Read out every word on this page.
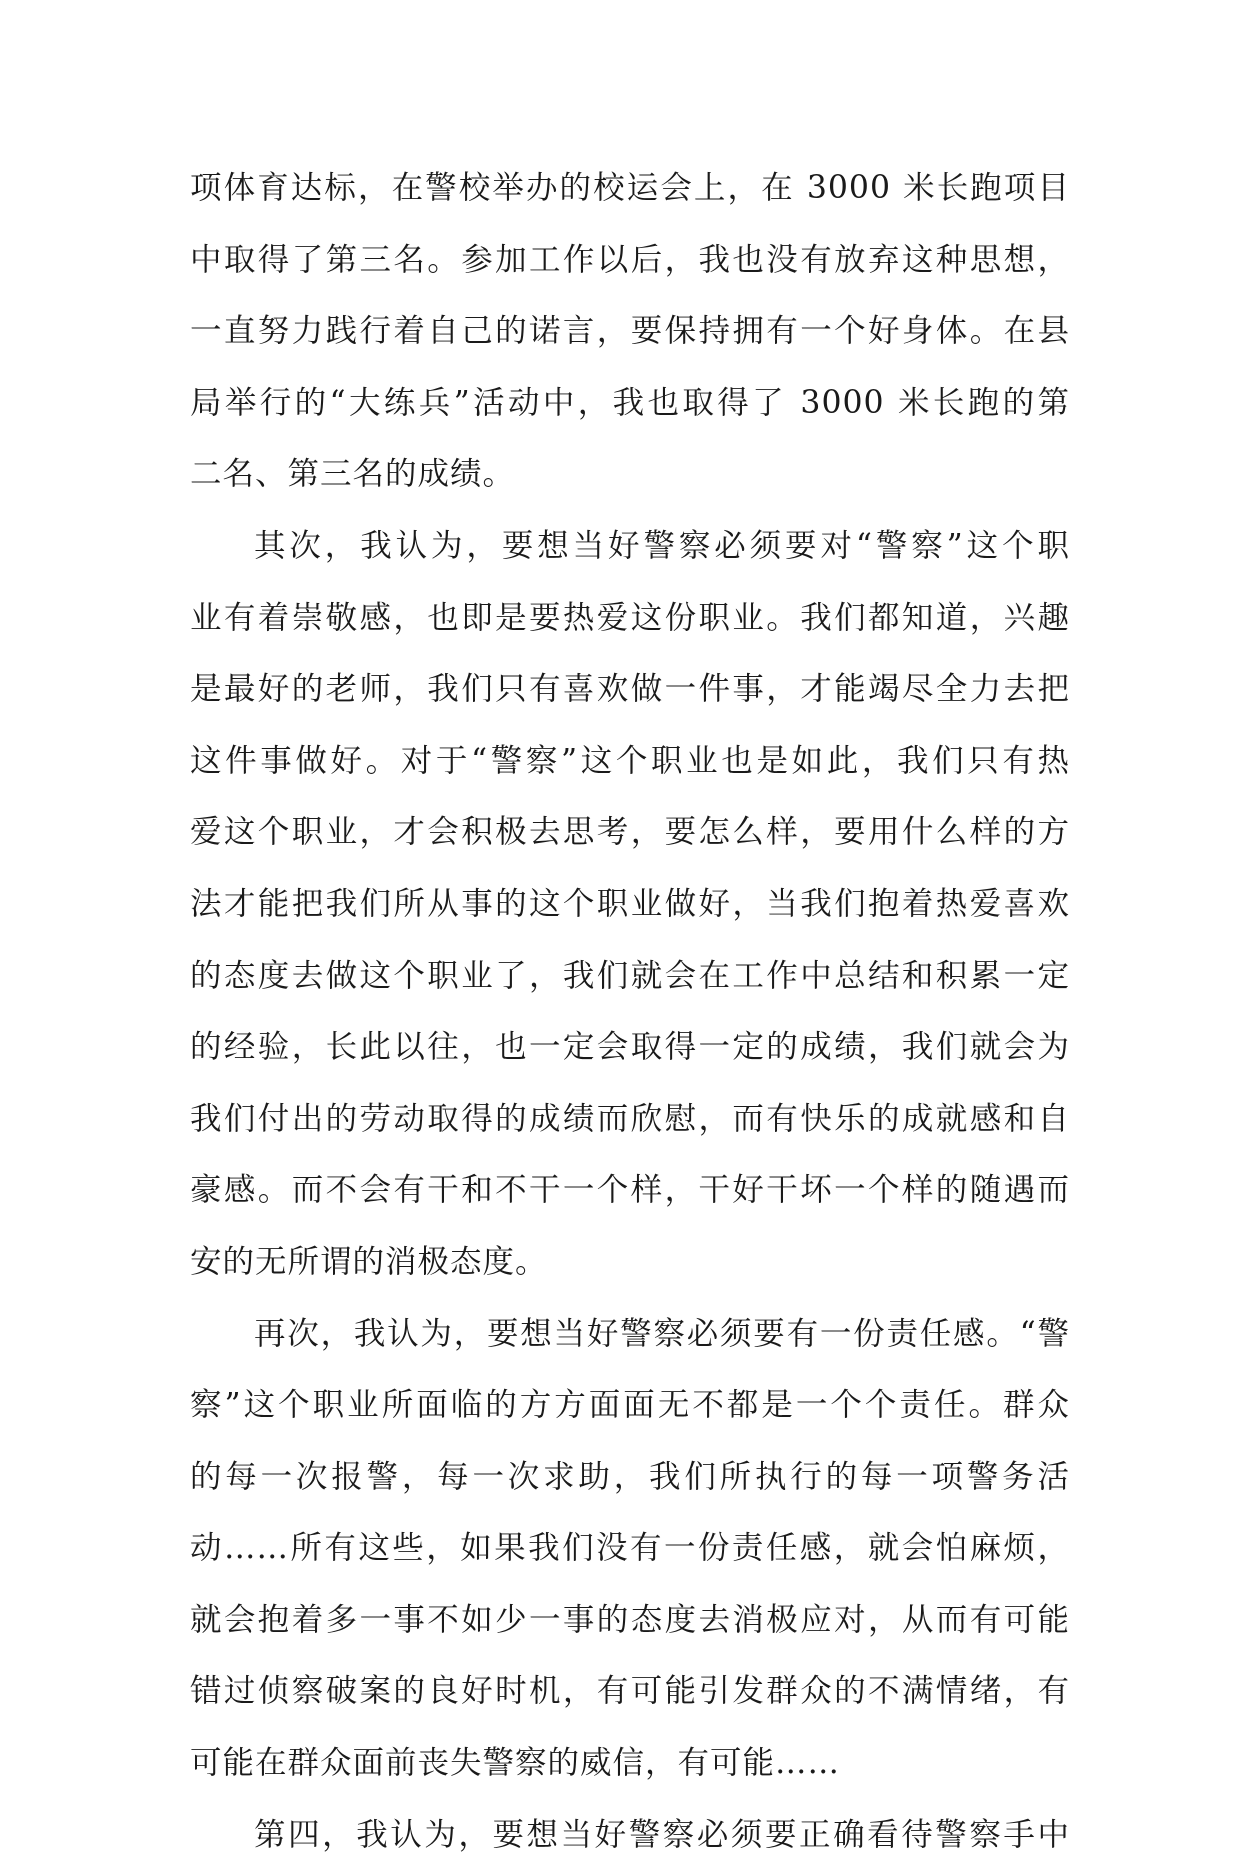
项体育达标，在警校举办的校运会上，在 3000 米长跑项目
中取得了第三名。参加工作以后，我也没有放弃这种思想，
一直努力践行着自己的诺言，要保持拥有一个好身体。在县
局举行的“大练兵”活动中，我也取得了 3000 米长跑的第
二名、第三名的成绩。
其次，我认为，要想当好警察必须要对“警察”这个职
业有着崇敬感，也即是要热爱这份职业。我们都知道，兴趣
是最好的老师，我们只有喜欢做一件事，才能竭尽全力去把
这件事做好。对于“警察”这个职业也是如此，我们只有热
爱这个职业，才会积极去思考，要怎么样，要用什么样的方
法才能把我们所从事的这个职业做好，当我们抱着热爱喜欢
的态度去做这个职业了，我们就会在工作中总结和积累一定
的经验，长此以往，也一定会取得一定的成绩，我们就会为
我们付出的劳动取得的成绩而欣慰，而有快乐的成就感和自
豪感。而不会有干和不干一个样，干好干坏一个样的随遇而
安的无所谓的消极态度。
再次，我认为，要想当好警察必须要有一份责任感。“警
察”这个职业所面临的方方面面无不都是一个个责任。群众
的每一次报警，每一次求助，我们所执行的每一项警务活
动……所有这些，如果我们没有一份责任感，就会怕麻烦，
就会抱着多一事不如少一事的态度去消极应对，从而有可能
错过侦察破案的良好时机，有可能引发群众的不满情绪，有
可能在群众面前丧失警察的威信，有可能……
第四，我认为，要想当好警察必须要正确看待警察手中
